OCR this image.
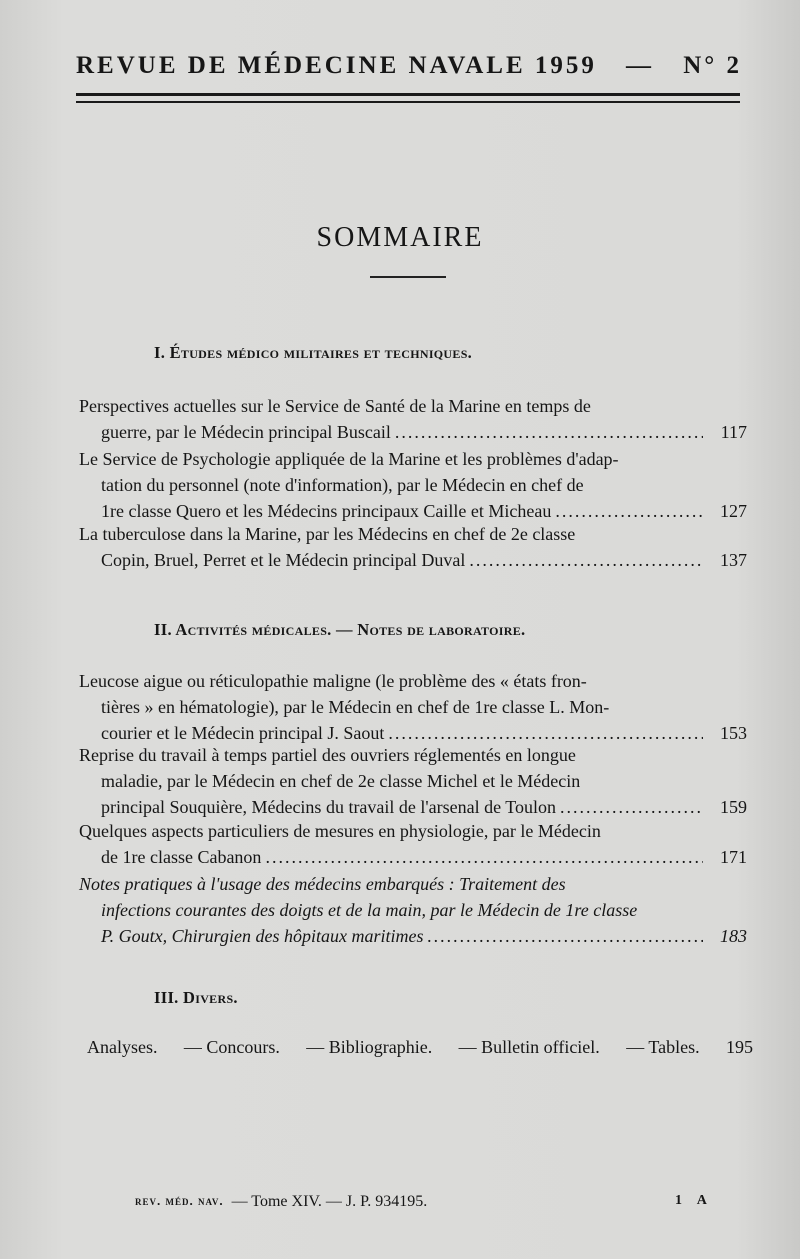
REVUE DE MÉDECINE NAVALE 1959 — N° 2
SOMMAIRE
I. Études médico militaires et techniques.
Perspectives actuelles sur le Service de Santé de la Marine en temps de
guerre, par le Médecin principal Buscail .....	117
Le Service de Psychologie appliquée de la Marine et les problèmes d'adap-
tation du personnel (note d'information), par le Médecin en chef de
1re classe Quero et les Médecins principaux Caille et Micheau .....	127
La tuberculose dans la Marine, par les Médecins en chef de 2e classe
Copin, Bruel, Perret et le Médecin principal Duval .....	137
II. Activités médicales. — Notes de laboratoire.
Leucose aigue ou réticulopathie maligne (le problème des « états fron-
tières » en hématologie), par le Médecin en chef de 1re classe L. Mon-
courier et le Médecin principal J. Saout .....	153
Reprise du travail à temps partiel des ouvriers réglementés en longue
maladie, par le Médecin en chef de 2e classe Michel et le Médecin
principal Souquière, Médecins du travail de l'arsenal de Toulon .....	159
Quelques aspects particuliers de mesures en physiologie, par le Médecin
de 1re classe Cabanon .....	171
Notes pratiques à l'usage des médecins embarqués : Traitement des
infections courantes des doigts et de la main, par le Médecin de 1re classe
P. Goutx, Chirurgien des hôpitaux maritimes .....	183
III. Divers.
Analyses. — Concours. — Bibliographie. — Bulletin officiel. — Tables. 195
rev. méd. nav. — Tome XIV. — J. P. 934195.	1 A
